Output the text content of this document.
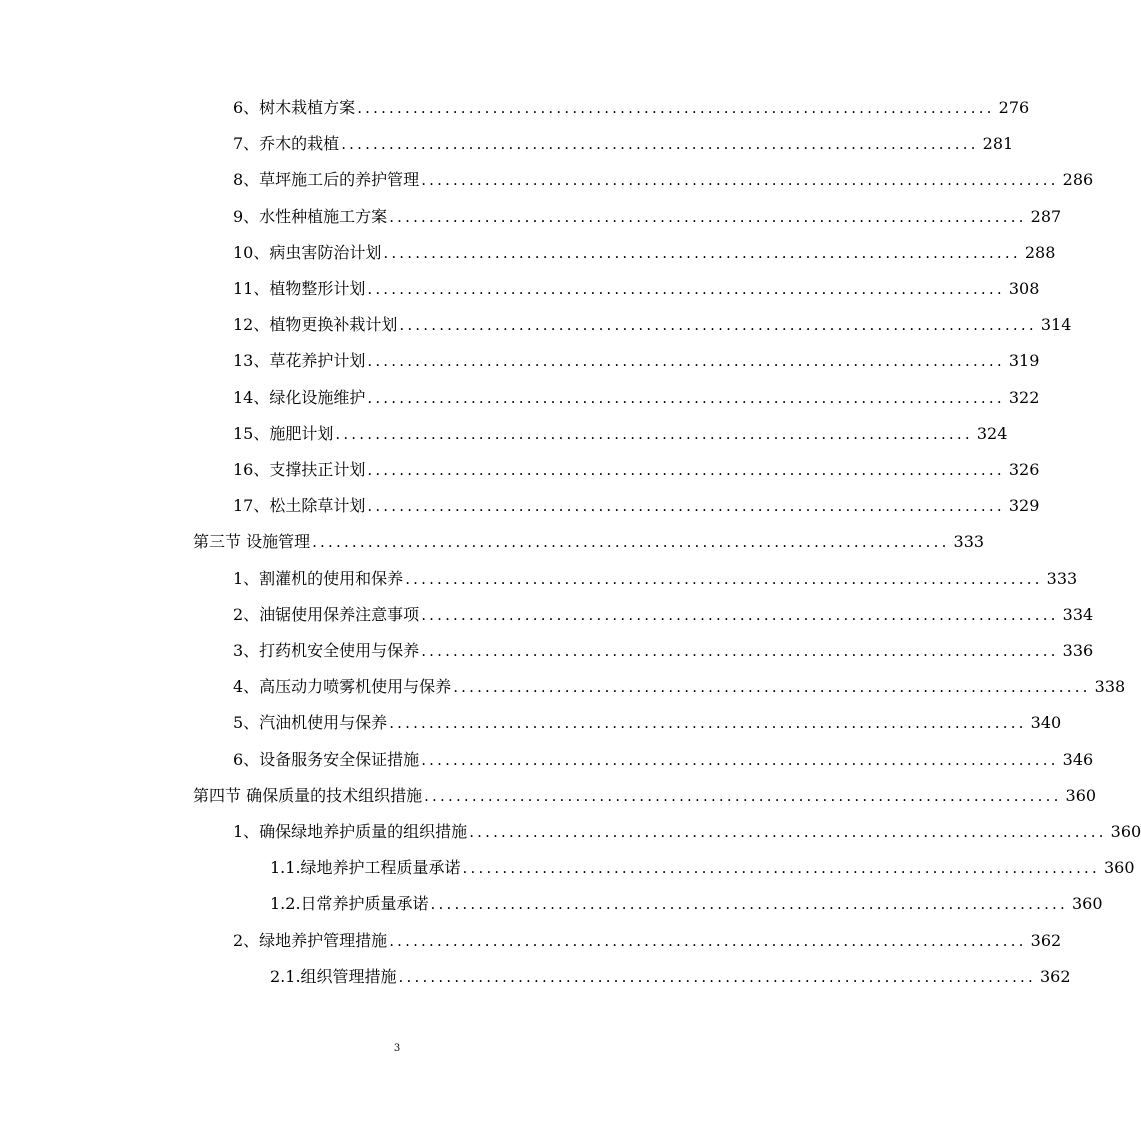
6、树木栽植方案 ................................................................................ 276
7、乔木的栽植 ................................................................................ 281
8、草坪施工后的养护管理 ................................................................................ 286
9、水性种植施工方案 ................................................................................ 287
10、病虫害防治计划 ................................................................................ 288
11、植物整形计划 ................................................................................ 308
12、植物更换补栽计划 ................................................................................ 314
13、草花养护计划 ................................................................................ 319
14、绿化设施维护 ................................................................................ 322
15、施肥计划 ................................................................................ 324
16、支撑扶正计划 ................................................................................ 326
17、松土除草计划 ................................................................................ 329
第三节 设施管理 ................................................................................ 333
1、割灌机的使用和保养 ................................................................................ 333
2、油锯使用保养注意事项 ................................................................................ 334
3、打药机安全使用与保养 ................................................................................ 336
4、高压动力喷雾机使用与保养 ................................................................................ 338
5、汽油机使用与保养 ................................................................................ 340
6、设备服务安全保证措施 ................................................................................ 346
第四节 确保质量的技术组织措施 ................................................................................ 360
1、确保绿地养护质量的组织措施 ................................................................................ 360
1.1.绿地养护工程质量承诺 ................................................................................ 360
1.2.日常养护质量承诺 ................................................................................ 360
2、绿地养护管理措施 ................................................................................ 362
2.1.组织管理措施 ................................................................................ 362
3
